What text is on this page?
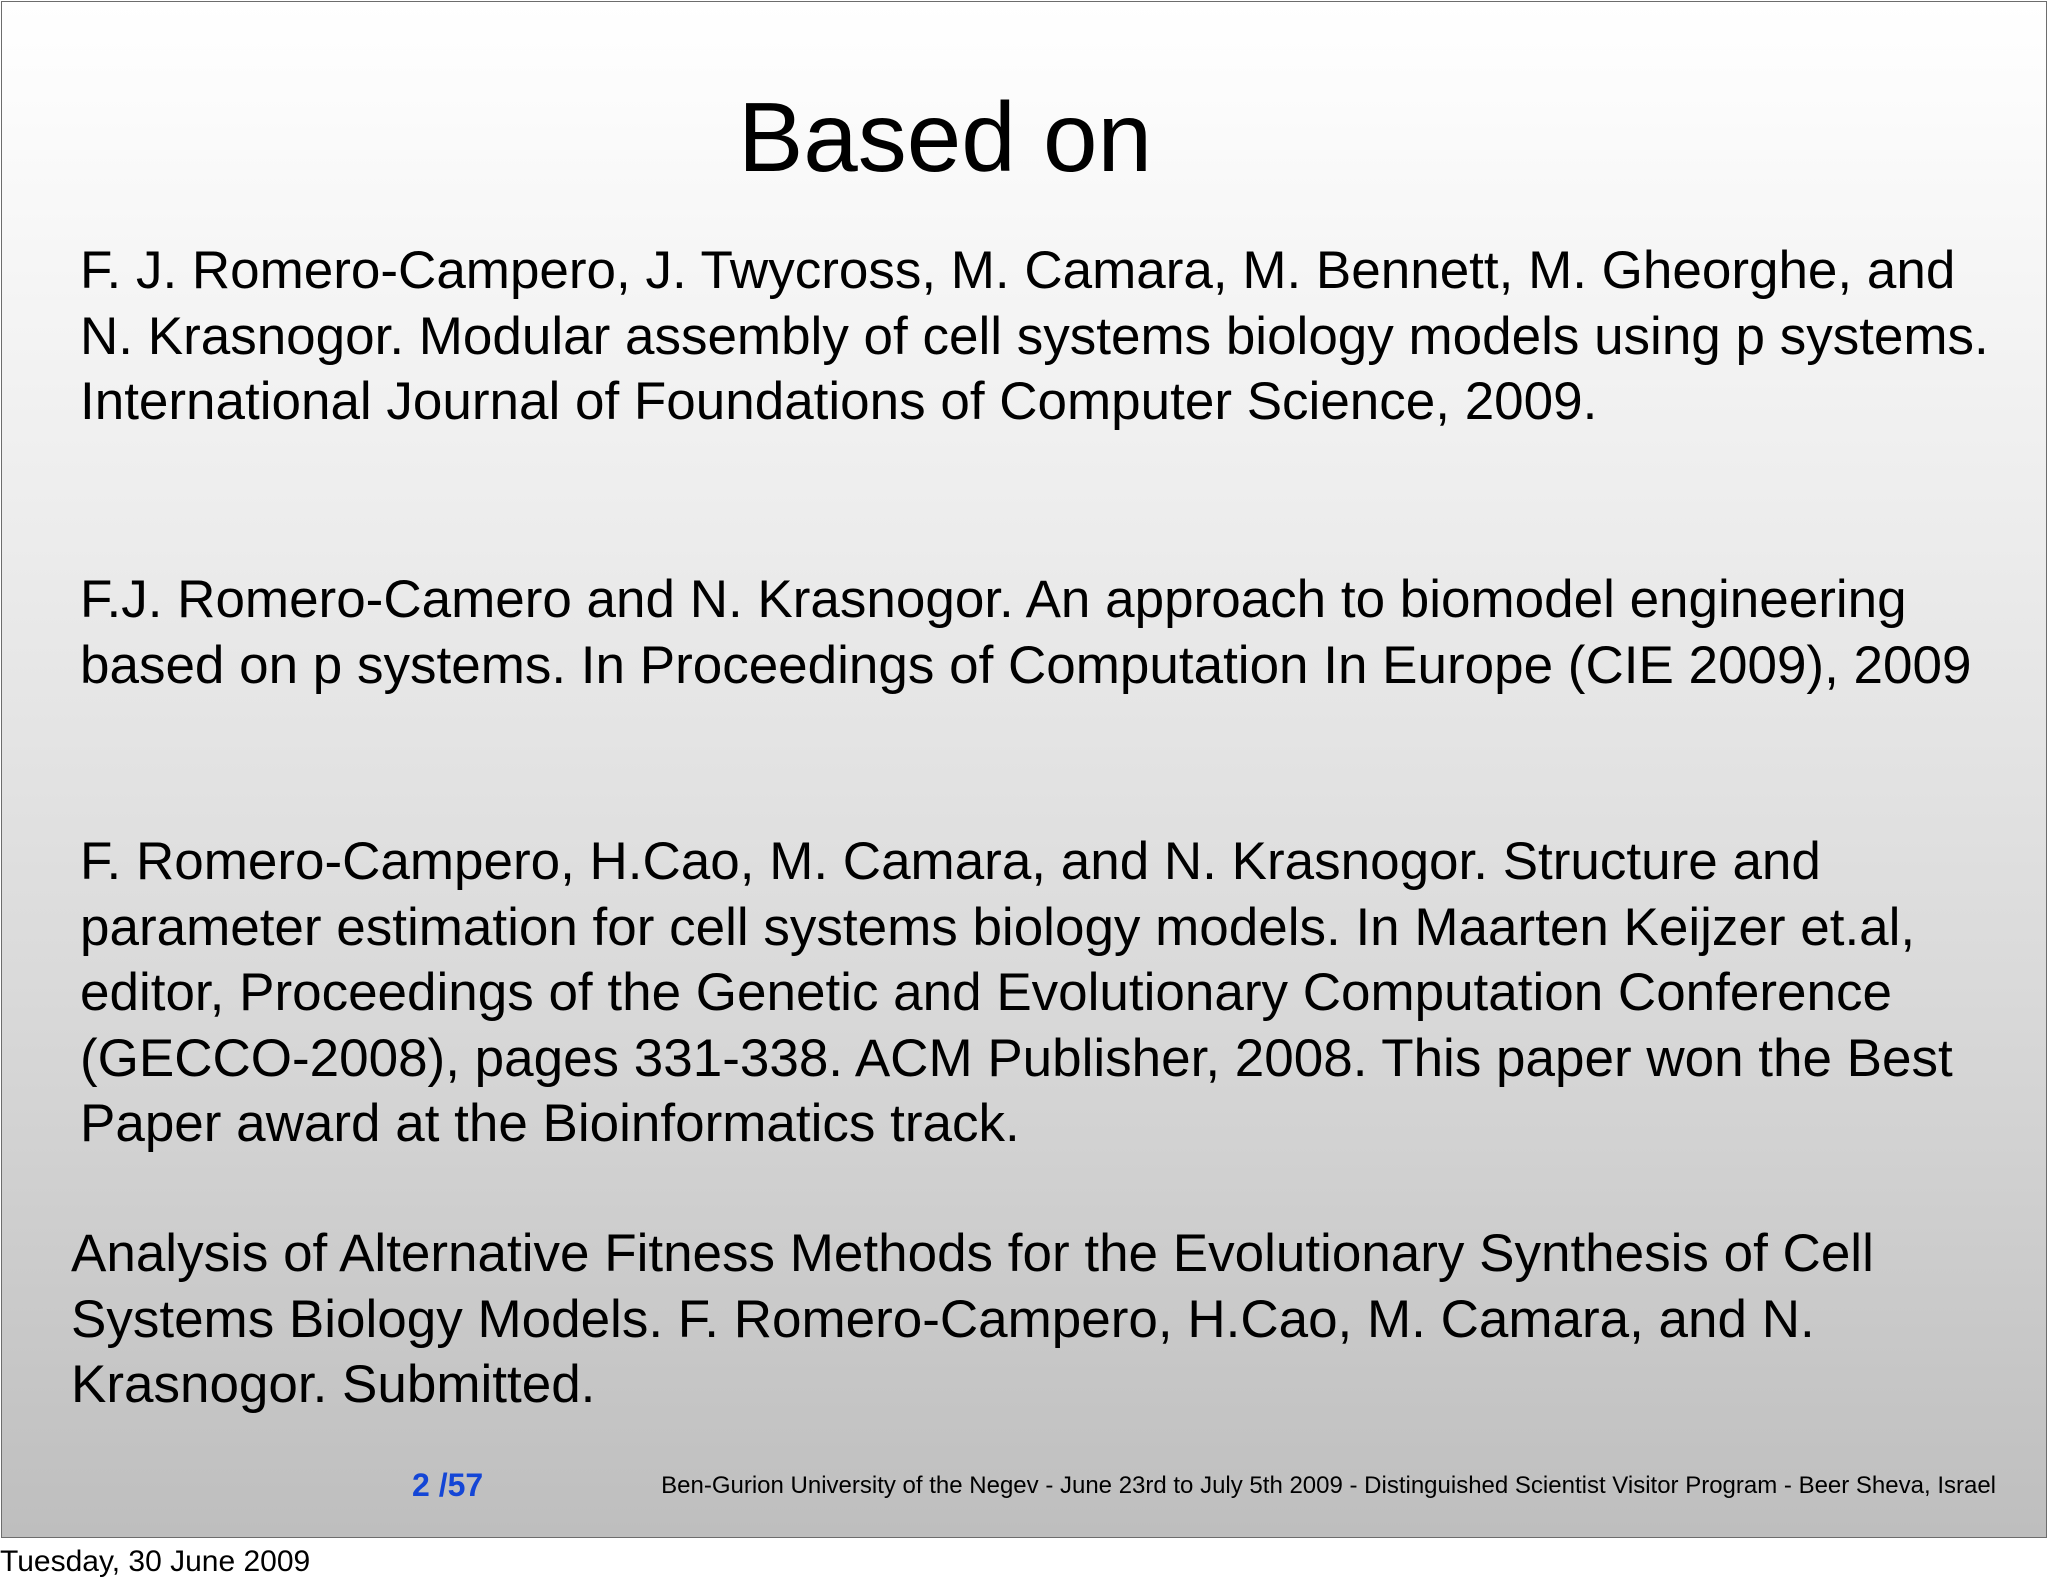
Based on

F. J. Romero-Campero, J. Twycross, M. Camara, M. Bennett, M. Gheorghe, and N. Krasnogor. Modular assembly of cell systems biology models using p systems. International Journal of Foundations of Computer Science, 2009.

F.J. Romero-Camero and N. Krasnogor. An approach to biomodel engineering based on p systems. In Proceedings of Computation In Europe (CIE 2009), 2009

F. Romero-Campero, H.Cao, M. Camara, and N. Krasnogor. Structure and parameter estimation for cell systems biology models. In Maarten Keijzer et.al, editor, Proceedings of the Genetic and Evolutionary Computation Conference (GECCO-2008), pages 331-338. ACM Publisher, 2008. This paper won the Best Paper award at the Bioinformatics track.

Analysis of Alternative Fitness Methods for the Evolutionary Synthesis of Cell Systems Biology Models. F. Romero-Campero, H.Cao, M. Camara, and N. Krasnogor. Submitted.

2 /57	Ben-Gurion University of the Negev - June 23rd to July 5th 2009 - Distinguished Scientist Visitor Program - Beer Sheva, Israel
Tuesday, 30 June 2009
